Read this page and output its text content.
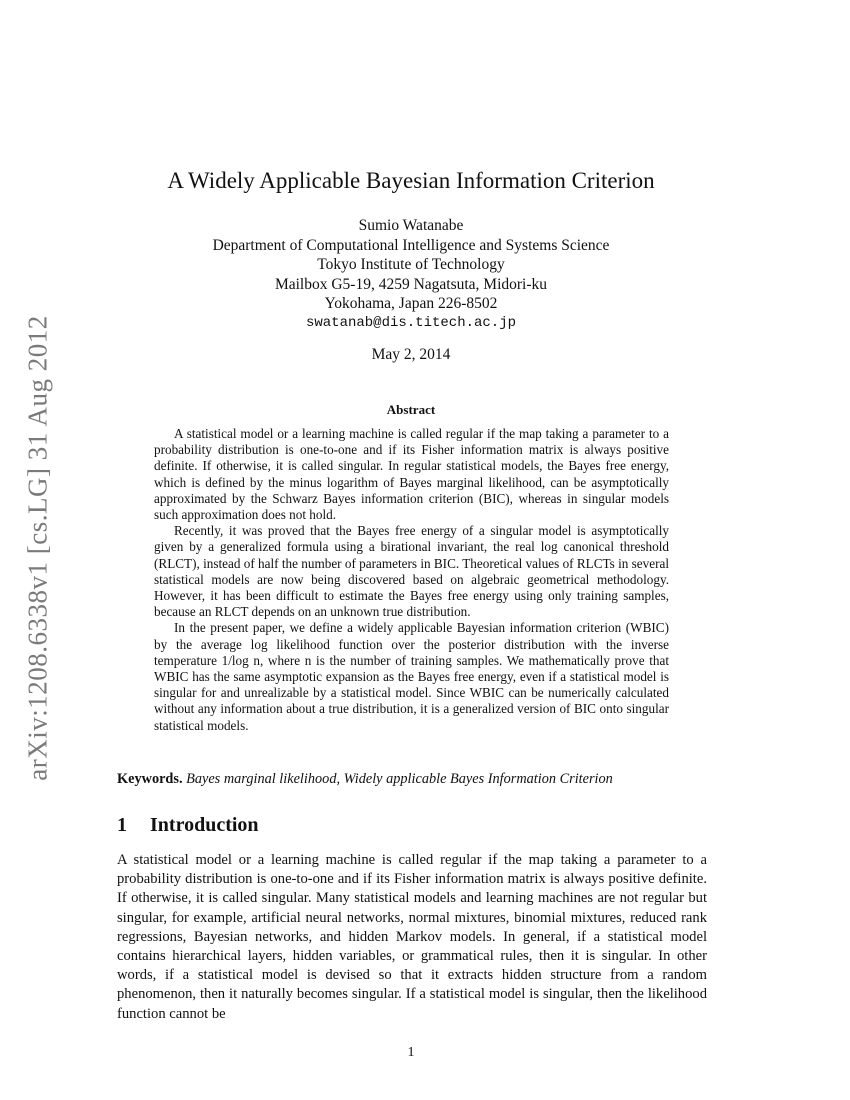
arXiv:1208.6338v1 [cs.LG] 31 Aug 2012
A Widely Applicable Bayesian Information Criterion
Sumio Watanabe
Department of Computational Intelligence and Systems Science
Tokyo Institute of Technology
Mailbox G5-19, 4259 Nagatsuta, Midori-ku
Yokohama, Japan 226-8502
swatanab@dis.titech.ac.jp
May 2, 2014
Abstract

A statistical model or a learning machine is called regular if the map taking a parameter to a probability distribution is one-to-one and if its Fisher information matrix is always positive definite. If otherwise, it is called singular. In regular statistical models, the Bayes free energy, which is defined by the minus logarithm of Bayes marginal likelihood, can be asymptotically approximated by the Schwarz Bayes information criterion (BIC), whereas in singular models such approximation does not hold.

Recently, it was proved that the Bayes free energy of a singular model is asymptotically given by a generalized formula using a birational invariant, the real log canonical threshold (RLCT), instead of half the number of parameters in BIC. Theoretical values of RLCTs in several statistical models are now being discovered based on algebraic geometrical methodology. However, it has been difficult to estimate the Bayes free energy using only training samples, because an RLCT depends on an unknown true distribution.

In the present paper, we define a widely applicable Bayesian information criterion (WBIC) by the average log likelihood function over the posterior distribution with the inverse temperature 1/log n, where n is the number of training samples. We mathematically prove that WBIC has the same asymptotic expansion as the Bayes free energy, even if a statistical model is singular for and unrealizable by a statistical model. Since WBIC can be numerically calculated without any information about a true distribution, it is a generalized version of BIC onto singular statistical models.

Keywords. Bayes marginal likelihood, Widely applicable Bayes Information Criterion
1 Introduction

A statistical model or a learning machine is called regular if the map taking a parameter to a probability distribution is one-to-one and if its Fisher information matrix is always positive definite. If otherwise, it is called singular. Many statistical models and learning machines are not regular but singular, for example, artificial neural networks, normal mixtures, binomial mixtures, reduced rank regressions, Bayesian networks, and hidden Markov models. In general, if a statistical model contains hierarchical layers, hidden variables, or grammatical rules, then it is singular. In other words, if a statistical model is devised so that it extracts hidden structure from a random phenomenon, then it naturally becomes singular. If a statistical model is singular, then the likelihood function cannot be

1
